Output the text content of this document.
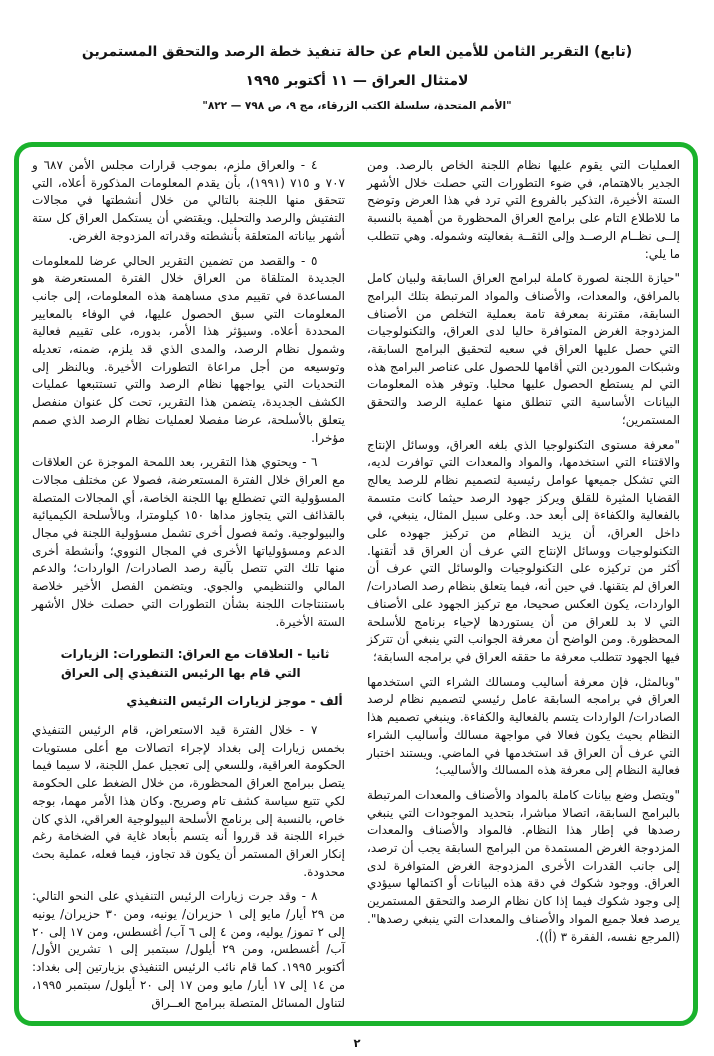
(تابع) التقرير الثامن للأمين العام عن حالة تنفيذ خطة الرصد والتحقق المستمرين
لامتثال العراق — ١١ أكتوبر ١٩٩٥
"الأمم المتحدة، سلسلة الكتب الزرقاء، مج ٩، ص ٧٩٨ — ٨٢٢"

العمليات التي يقوم عليها نظام اللجنة الخاص بالرصد. ومن الجدير بالاهتمام، في ضوء التطورات التي حصلت خلال الأشهر الستة الأخيرة، التذكير بالفروع التي ترد في هذا العرض وتوضح ما للاطلاع التام على برامج العراق المحظورة من أهمية بالنسبة إلــى نظــام الرصــد وإلى الثقــة بفعاليته وشموله. وهي تتطلب ما يلي:

"حيازة اللجنة لصورة كاملة لبرامج العراق السابقة ولبيان كامل بالمرافق، والمعدات، والأصناف والمواد المرتبطة بتلك البرامج السابقة، مقترنة بمعرفة تامة بعملية التخلص من الأصناف المزدوجة الغرض المتوافرة حاليا لدى العراق، والتكنولوجيات التي حصل عليها العراق في سعيه لتحقيق البرامج السابقة، وشبكات الموردين التي أقامها للحصول على عناصر البرامج هذه التي لم يستطع الحصول عليها محليا. وتوفر هذه المعلومات البيانات الأساسية التي تنطلق منها عملية الرصد والتحقق المستمرين؛

"معرفة مستوى التكنولوجيا الذي بلغه العراق، ووسائل الإنتاج والاقتناء التي استخدمها، والمواد والمعدات التي توافرت لديه، التي تشكل جميعها عوامل رئيسية لتصميم نظام للرصد يعالج القضايا المثيرة للقلق ويركز جهود الرصد حيثما كانت متسمة بالفعالية والكفاءة إلى أبعد حد. وعلى سبيل المثال، ينبغي، في داخل العراق، أن يزيد النظام من تركيز جهوده على التكنولوجيات ووسائل الإنتاج التي عرف أن العراق قد أتقنها. أكثر من تركيزه على التكنولوجيات والوسائل التي عرف أن العراق لم يتقنها. في حين أنه، فيما يتعلق بنظام رصد الصادرات/الواردات، يكون العكس صحيحا، مع تركيز الجهود على الأصناف التي لا بد للعراق من أن يستوردها لإحياء برنامج للأسلحة المحظورة. ومن الواضح أن معرفة الجوانب التي ينبغي أن تتركز فيها الجهود تتطلب معرفة ما حققه العراق في برامجه السابقة؛

"وبالمثل، فإن معرفة أساليب ومسالك الشراء التي استخدمها العراق في برامجه السابقة عامل رئيسي لتصميم نظام لرصد الصادرات/ الواردات يتسم بالفعالية والكفاءة. وينبغي تصميم هذا النظام بحيث يكون فعالا في مواجهة مسالك وأساليب الشراء التي عرف أن العراق قد استخدمها في الماضي. ويستند اختبار فعالية النظام إلى معرفة هذه المسالك والأساليب؛

"ويتصل وضع بيانات كاملة بالمواد والأصناف والمعدات المرتبطة بالبرامج السابقة، اتصالا مباشرا، بتحديد الموجودات التي ينبغي رصدها في إطار هذا النظام. فالمواد والأصناف والمعدات المزدوجة الغرض المستمدة من البرامج السابقة يجب أن ترصد، إلى جانب القدرات الأخرى المزدوجة الغرض المتوافرة لدى العراق. ووجود شكوك في دقة هذه البيانات أو اكتمالها سيؤدي إلى وجود شكوك فيما إذا كان نظام الرصد والتحقق المستمرين يرصد فعلا جميع المواد والأصناف والمعدات التي ينبغي رصدها". (المرجع نفسه، الفقرة ٣ (أ)).

٤ - والعراق ملزم، بموجب قرارات مجلس الأمن ٦٨٧ و ٧٠٧ و ٧١٥ (١٩٩١)، بأن يقدم المعلومات المذكورة أعلاه، التي تتحقق منها اللجنة بالتالي من خلال أنشطتها في مجالات التفتيش والرصد والتحليل. ويقتضي أن يستكمل العراق كل ستة أشهر بياناته المتعلقة بأنشطته وقدراته المزدوجة الغرض.

٥ - والقصد من تضمين التقرير الحالي عرضا للمعلومات الجديدة المتلقاة من العراق خلال الفترة المستعرضة هو المساعدة في تقييم مدى مساهمة هذه المعلومات، إلى جانب المعلومات التي سبق الحصول عليها، في الوفاء بالمعايير المحددة أعلاه. وسيؤثر هذا الأمر، بدوره، على تقييم فعالية وشمول نظام الرصد، والمدى الذي قد يلزم، ضمنه، تعديله وتوسيعه من أجل مراعاة التطورات الأخيرة. وبالنظر إلى التحديات التي يواجهها نظام الرصد والتي تستتبعها عمليات الكشف الجديدة، يتضمن هذا التقرير، تحت كل عنوان منفصل يتعلق بالأسلحة، عرضا مفصلا لعمليات نظام الرصد الذي صمم مؤخرا.

٦ - ويحتوي هذا التقرير، بعد اللمحة الموجزة عن العلاقات مع العراق خلال الفترة المستعرضة، فصولا عن مختلف مجالات المسؤولية التي تضطلع بها اللجنة الخاصة، أي المجالات المتصلة بالقذائف التي يتجاوز مداها ١٥٠ كيلومترا، وبالأسلحة الكيميائية والبيولوجية. وثمة فصول أخرى تشمل مسؤولية اللجنة في مجال الدعم ومسؤولياتها الأخرى في المجال النووي؛ وأنشطة أخرى منها تلك التي تتصل بآلية رصد الصادرات/ الواردات؛ والدعم المالي والتنظيمي والجوي. ويتضمن الفصل الأخير خلاصة باستنتاجات اللجنة بشأن التطورات التي حصلت خلال الأشهر الستة الأخيرة.

ثانيا - العلاقات مع العراق: التطورات: الزيارات
التي قام بها الرئيس التنفيذي إلى العراق
ألف - موجز لزيارات الرئيس التنفيذي

٧ - خلال الفترة قيد الاستعراض، قام الرئيس التنفيذي بخمس زيارات إلى بغداد لإجراء اتصالات مع أعلى مستويات الحكومة العراقية، وللسعي إلى تعجيل عمل اللجنة، لا سيما فيما يتصل ببرامج العراق المحظورة، من خلال الضغط على الحكومة لكي تتبع سياسة كشف تام وصريح. وكان هذا الأمر مهما، بوجه خاص، بالنسبة إلى برنامج الأسلحة البيولوجية العراقي، الذي كان خبراء اللجنة قد قرروا أنه يتسم بأبعاد غاية في الضخامة رغم إنكار العراق المستمر أن يكون قد تجاوز، فيما فعله، عملية بحث محدودة.

٨ - وقد جرت زيارات الرئيس التنفيذي على النحو التالي: من ٢٩ أيار/ مايو إلى ١ حزيران/ يونيه، ومن ٣٠ حزيران/ يونيه إلى ٢ تموز/ يوليه، ومن ٤ إلى ٦ آب/ أغسطس، ومن ١٧ إلى ٢٠ آب/ أغسطس، ومن ٢٩ أيلول/ سبتمبر إلى ١ تشرين الأول/ أكتوبر ١٩٩٥. كما قام نائب الرئيس التنفيذي بزيارتين إلى بغداد: من ١٤ إلى ١٧ أيار/ مايو ومن ١٧ إلى ٢٠ أيلول/ سبتمبر ١٩٩٥، لتناول المسائل المتصلة ببرامج العــراق

٢
